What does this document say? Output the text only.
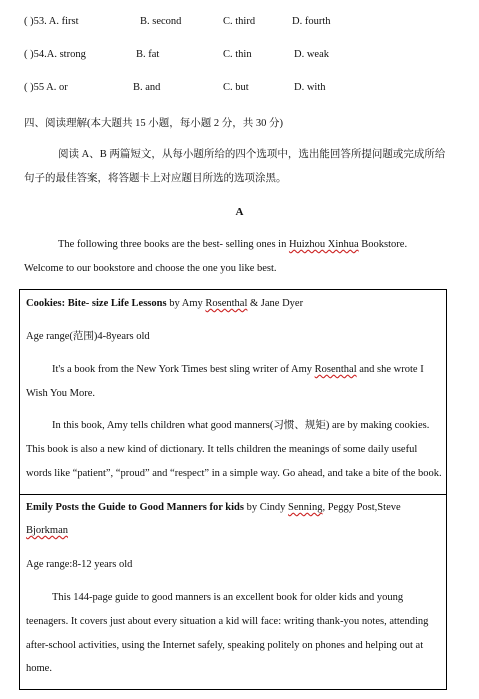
( )53. A. first	B. second	C. third	D. fourth
( )54.A. strong	B. fat	C. thin	D. weak
( )55 A. or	B. and	C. but	D. with
四、阅读理解(本大题共 15 小题，每小题 2 分，共 30 分)
阅读 A、B 两篇短文，从每小题所给的四个选项中，选出能回答所提问题或完成所给
句子的最佳答案，将答题卡上对应题目所选的选项涂黑。
A
The following three books are the best- selling ones in Huizhou Xinhua Bookstore.
Welcome to our bookstore and choose the one you like best.
Cookies: Bite- size Life Lessons by Amy Rosenthal & Jane Dyer
Age range(范围)4-8years old
It's a book from the New York Times best sling writer of Amy Rosenthal and she wrote I
Wish You More.
In this book, Amy tells children what good manners(习惯、规矩) are by making cookies.
This book is also a new kind of dictionary. It tells children the meanings of some daily useful
words like “patient”, “proud” and “respect” in a simple way. Go ahead, and take a bite of the book.
Emily Posts the Guide to Good Manners for kids by Cindy Senning, Peggy Post,Steve
Bjorkman
Age range:8-12 years old
This 144-page guide to good manners is an excellent book for older kids and young
teenagers. It covers just about every situation a kid will face: writing thank-you notes, attending
after-school activities, using the Internet safely, speaking politely on phones and helping out at
home.
